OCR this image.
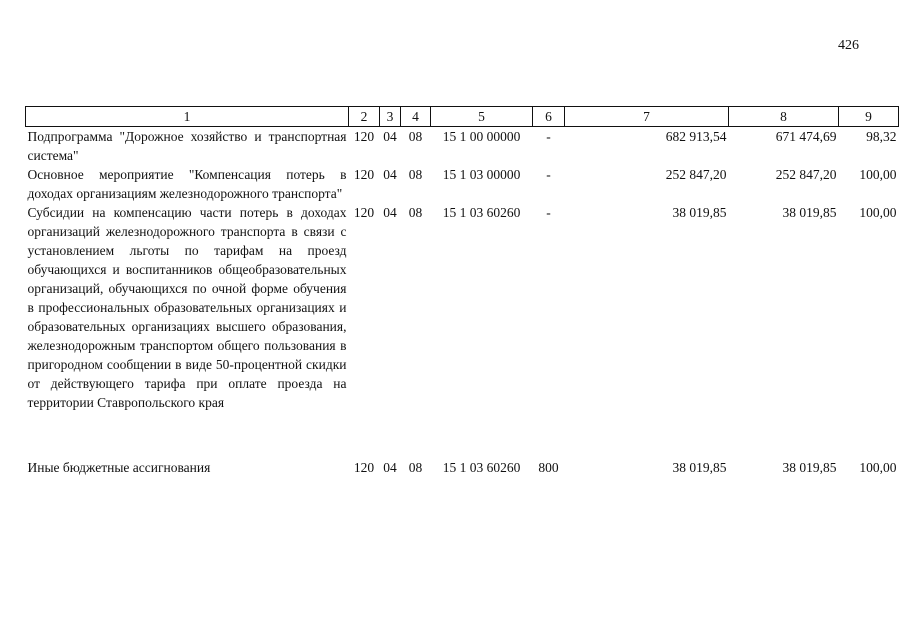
426
1	2	3	4	5	6	7	8	9
Подпрограмма "Дорожное хозяйство и транспортная система"	120	04	08	15 1 00 00000	-	682 913,54	671 474,69	98,32
Основное мероприятие "Компенсация потерь в доходах организациям железнодорожного транспорта"	120	04	08	15 1 03 00000	-	252 847,20	252 847,20	100,00
Субсидии на компенсацию части потерь в доходах организаций железнодорожного транспорта в связи с установлением льготы по тарифам на проезд обучающихся и воспитанников общеобразовательных организаций, обучающихся по очной форме обучения в профессиональных образовательных организациях и образовательных организациях высшего образования, железнодорожным транспортом общего пользования в пригородном сообщении в виде 50-процентной скидки от действующего тарифа при оплате проезда на территории Ставропольского края	120	04	08	15 1 03 60260	-	38 019,85	38 019,85	100,00

Иные бюджетные ассигнования	120	04	08	15 1 03 60260	800	38 019,85	38 019,85	100,00
